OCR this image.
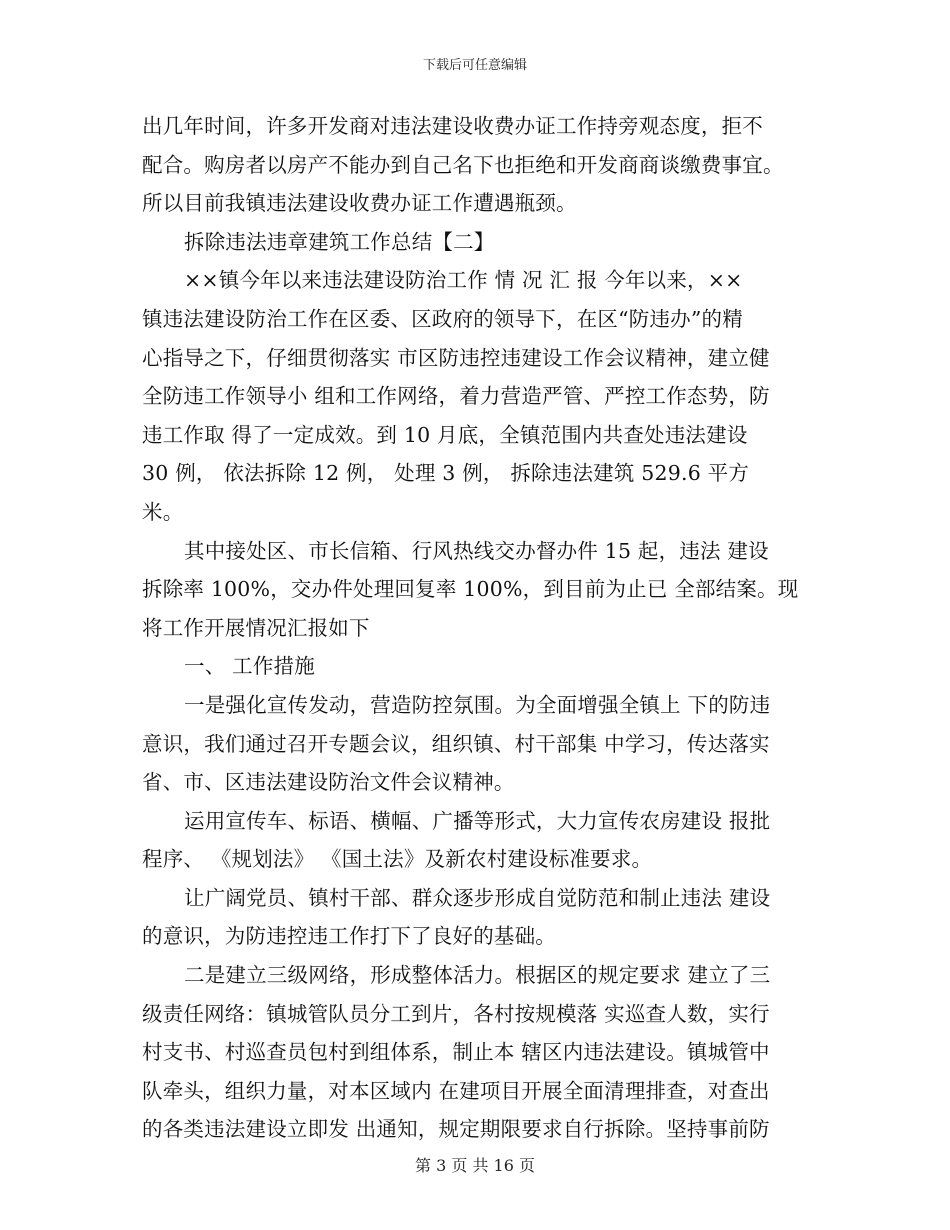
下载后可任意编辑
出几年时间，许多开发商对违法建设收费办证工作持旁观态度，拒不
配合。购房者以房产不能办到自己名下也拒绝和开发商商谈缴费事宜。
所以目前我镇违法建设收费办证工作遭遇瓶颈。
拆除违法违章建筑工作总结【二】
××镇今年以来违法建设防治工作 情 况 汇 报 今年以来，××
镇违法建设防治工作在区委、区政府的领导下，在区“防违办”的精
心指导之下，仔细贯彻落实 市区防违控违建设工作会议精神，建立健
全防违工作领导小 组和工作网络，着力营造严管、严控工作态势，防
违工作取 得了一定成效。到 10 月底，全镇范围内共查处违法建设
30 例， 依法拆除 12 例， 处理 3 例， 拆除违法建筑 529.6 平方
米。
其中接处区、市长信箱、行风热线交办督办件 15 起，违法 建设
拆除率 100%，交办件处理回复率 100%，到目前为止已 全部结案。现
将工作开展情况汇报如下
一、 工作措施
一是强化宣传发动，营造防控氛围。为全面增强全镇上 下的防违
意识，我们通过召开专题会议，组织镇、村干部集 中学习，传达落实
省、市、区违法建设防治文件会议精神。
运用宣传车、标语、横幅、广播等形式，大力宣传农房建设 报批
程序、 《规划法》 《国土法》及新农村建设标准要求。
让广阔党员、镇村干部、群众逐步形成自觉防范和制止违法 建设
的意识，为防违控违工作打下了良好的基础。
二是建立三级网络，形成整体活力。根据区的规定要求 建立了三
级责任网络：镇城管队员分工到片，各村按规模落 实巡查人数，实行
村支书、村巡查员包村到组体系，制止本 辖区内违法建设。镇城管中
队牵头，组织力量，对本区域内 在建项目开展全面清理排查，对查出
的各类违法建设立即发 出通知，规定期限要求自行拆除。坚持事前防
第 3 页 共 16 页
